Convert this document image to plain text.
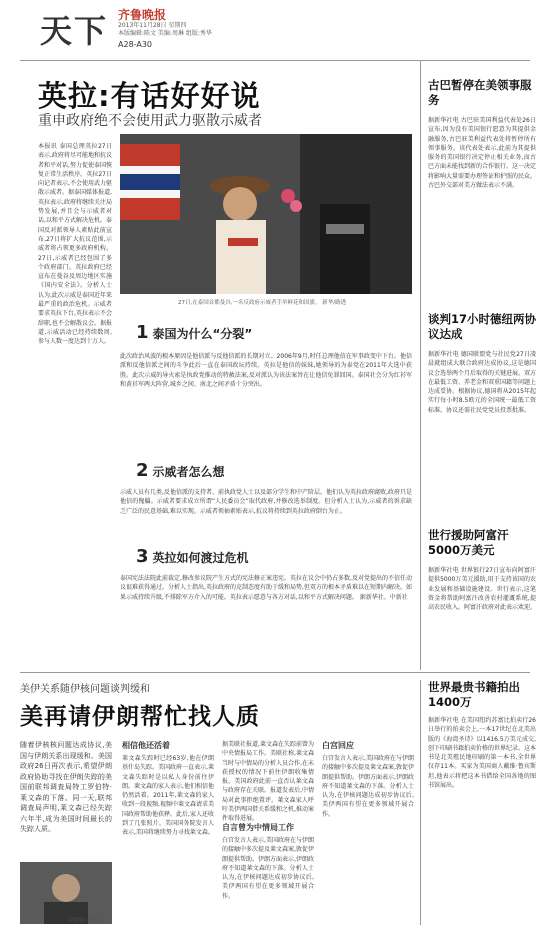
天下 齐鲁晚报
2013年11月28日 星期四
本版编辑:陈文 美编:周琳 组版:秀华
A28-A30
英拉:有话好好说
重申政府绝不会使用武力驱散示威者
本报讯 泰国总理英拉27日表示,政府将尽可能地和抗议者和平对话,努力促使泰国恢复正常生活秩序。英拉27日向记者表示,不会使用武力驱散示威者。据泰国媒体报道,英拉表示,政府将继续关注局势发展,并且会与示威者对话,以和平方式解决危机。泰国反对派领导人素贴此前宣布,27日将扩大抗议范围,示威者将占领更多政府机构。27日,示威者已经包围了多个政府部门。英拉政府已经宣布在曼谷及周边地区实施《国内安全法》。分析人士认为,此次示威是泰国近年来最严重的政治危机。示威者要求英拉下台,英拉表示不会辞职,也不会解散议会。据报道,示威活动已经持续数周,参与人数一度达到十万人。
27日,在泰国首都曼谷,一名反政府示威者手举鲜花和国旗。 新华/路透
1 泰国为什么“分裂”
此次政治风波的根本原因是他信派与反他信派的长期对立。2006年9月,时任总理他信在军事政变中下台。他信派和反他信派之间的斗争此后一直在泰国政坛持续。英拉是他信的妹妹,她领导的为泰党在2011年大选中获胜。此次示威的导火索是执政党推动的特赦法案,反对派认为该法案旨在让他信免罪回国。泰国社会分为红衫军和黄衫军两大阵营,城乡之间、南北之间矛盾十分突出。
2 示威者怎么想
示威人员有几类,反他信派的支持者、前执政党人士以及部分学生和中产阶层。他们认为英拉政府腐败,政府只是他信的傀儡。示威者要求成立所谓“人民委员会”取代政府,并修改选举制度。但分析人士认为,示威者的诉求缺乏广泛的民意基础,难以实现。示威者领袖素贴表示,抗议将持续到英拉政府倒台为止。
3 英拉如何渡过危机
泰国宪法法院此前裁定,修改参议院产生方式的宪法修正案违宪。英拉在议会中仍占多数,反对党提出的不信任动议很难获得通过。分析人士指出,英拉政府的克制态度有助于缓和局势,但双方的根本矛盾难以在短期内解决。如果示威持续升级,不排除军方介入的可能。英拉表示愿意与各方对话,以和平方式解决问题。 据新华社、中新社
古巴暂停在美领事服务
据新华社电 古巴驻美国利益代表处26日宣布,因为没有美国银行愿意为其提供金融服务,古巴驻美利益代表处将暂停所有领事服务。该代表处表示,此前为其提供服务的美国银行决定停止相关业务,而古巴方面未能找到新的合作银行。这一决定将影响大量需要办理签证和护照的民众。古巴外交部对美方做法表示不满。
谈判17小时德纽两协议达成
据新华社电 德国联盟党与社民党27日凌晨就组成大联合政府达成协议,这是德国议会选举两个月后取得的关键进展。双方在最低工资、养老金和双重国籍等问题上达成妥协。根据协议,德国将从2015年起实行每小时8.5欧元的全国统一最低工资标准。协议还需社民党党员投票批准。
世行援助阿富汗5000万美元
据新华社电 世界银行27日宣布向阿富汗提供5000万美元援助,用于支持该国的农业发展和基础设施建设。世行表示,这笔资金将帮助阿富汗改善农村灌溉系统,提高农民收入。阿富汗政府对此表示欢迎。
美伊关系随伊核问题谈判缓和
美再请伊朗帮忙找人质
随着伊核核问题达成协议,美国与伊朗关系出现缓和。美国政府26日再次表示,希望伊朗政府协助寻找在伊朗失踪的美国前联邦调查局特工罗伯特·莱文森的下落。同一天,联邦调查局声明,莱文森已经失踪六年半,成为美国时间最长的失踪人质。
罗伯特·莱文森
相信他还活着
莱文森失踪时已经63岁,他在伊朗基什岛失踪。美国政府一直表示,莱文森失踪时是以私人身份前往伊朗。莱文森的家人表示,他们相信他仍然活着。2011年,莱文森的家人收到一段视频,视频中莱文森请求美国政府帮助他获释。此后,家人还收到了几张照片。美国国务院发言人表示,美国将继续努力寻找莱文森。
据美联社报道,莱文森在失踪前曾为中央情报局工作。美联社称,莱文森当时与中情局的分析人员合作,在未获授权的情况下前往伊朗收集情报。美国政府此前一直否认莱文森与政府存在关联。报道发表后,中情局对此事拒绝置评。莱文森家人呼吁美伊两国借关系缓和之机,推动案件取得进展。
自言曾为中情局工作
白宫发言人表示,美国政府在与伊朗的接触中多次提及莱文森案,敦促伊朗提供帮助。伊朗方面表示,伊朗政府不知道莱文森的下落。分析人士认为,在伊核问题达成初步协议后,美伊两国有望在更多领域开展合作。
白宫回应
白宫发言人表示,美国政府在与伊朗的接触中多次提及莱文森案,敦促伊朗提供帮助。伊朗方面表示,伊朗政府不知道莱文森的下落。分析人士认为,在伊核问题达成初步协议后,美伊两国有望在更多领域开展合作。
世界最贵书籍拍出1400万
据新华社电 在美国纽约苏富比拍卖行26日举行的拍卖会上,一本17世纪在北美出版的《海湾圣诗》以1416.5万美元成交,创下印刷书籍拍卖价格的世界纪录。这本书是北美殖民地印刷的第一本书,全世界仅存11本。买家为美国商人戴维·鲁宾斯坦,他表示将把这本书借给全国各地的图书馆展出。
